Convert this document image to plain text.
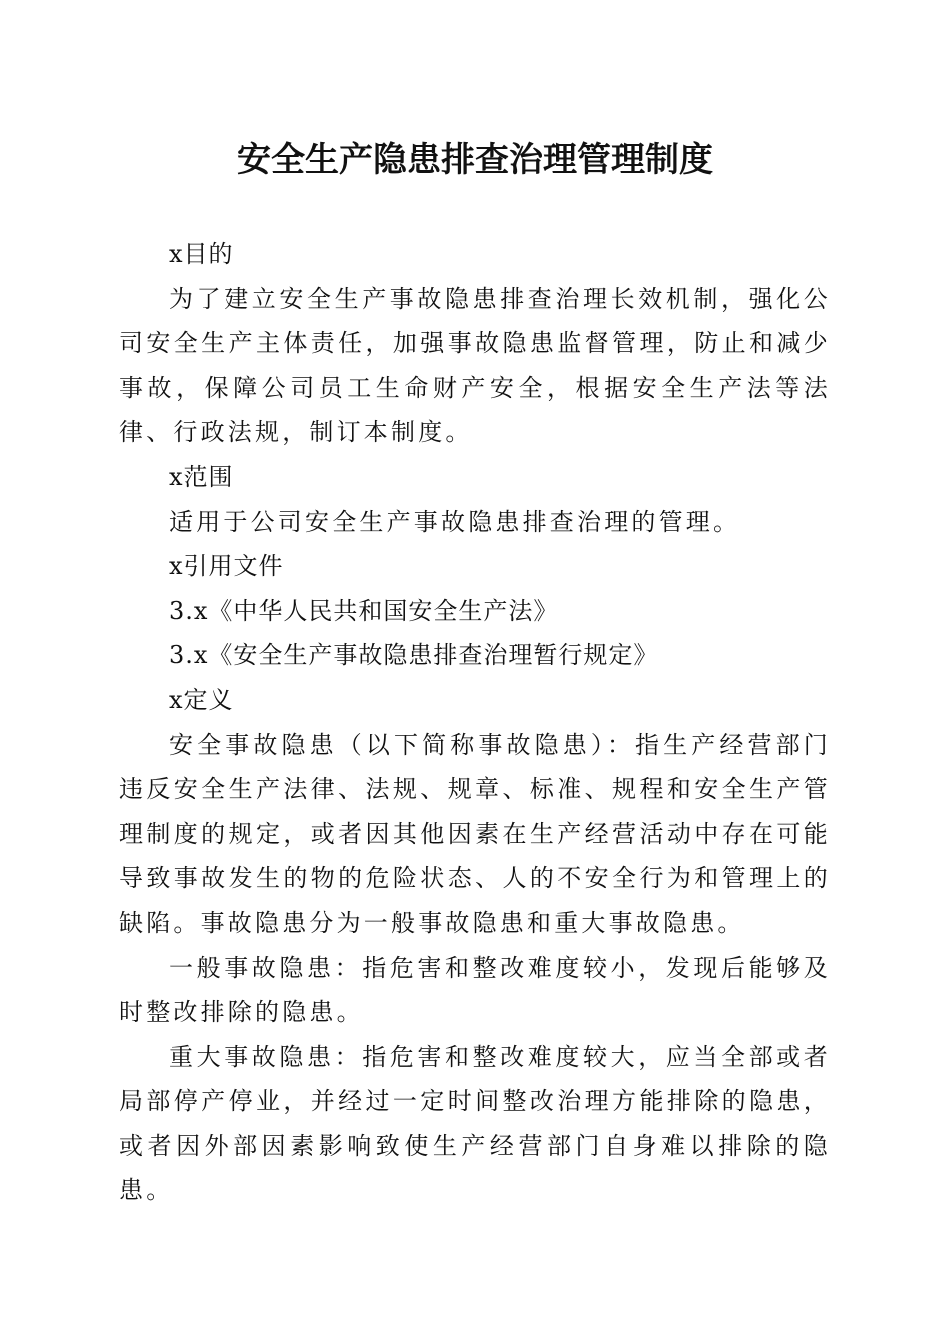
安全生产隐患排查治理管理制度

x目的

为了建立安全生产事故隐患排查治理长效机制，强化公司安全生产主体责任，加强事故隐患监督管理，防止和减少事故，保障公司员工生命财产安全，根据安全生产法等法律、行政法规，制订本制度。

x范围

适用于公司安全生产事故隐患排查治理的管理。

x引用文件

3.x《中华人民共和国安全生产法》

3.x《安全生产事故隐患排查治理暂行规定》

x定义

安全事故隐患（以下简称事故隐患）：指生产经营部门违反安全生产法律、法规、规章、标准、规程和安全生产管理制度的规定，或者因其他因素在生产经营活动中存在可能导致事故发生的物的危险状态、人的不安全行为和管理上的缺陷。事故隐患分为一般事故隐患和重大事故隐患。

一般事故隐患：指危害和整改难度较小，发现后能够及时整改排除的隐患。

重大事故隐患：指危害和整改难度较大，应当全部或者局部停产停业，并经过一定时间整改治理方能排除的隐患，或者因外部因素影响致使生产经营部门自身难以排除的隐患。
